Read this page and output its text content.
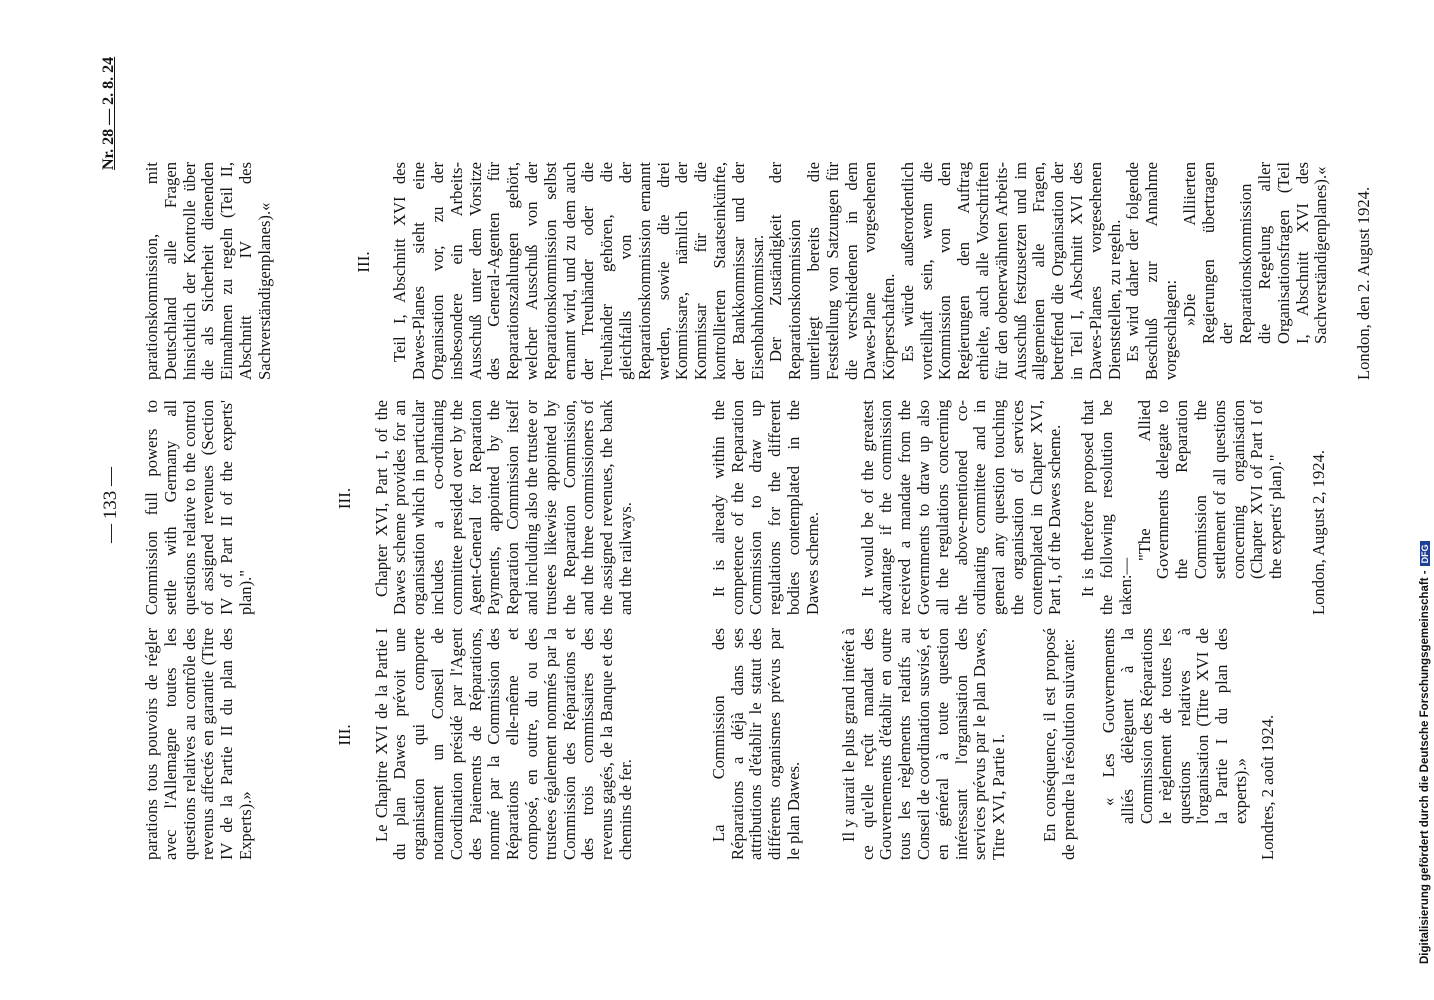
— 133 —
Nr. 28 — 2. 8. 24

parations tous pouvoirs de régler avec l'Allemagne toutes les questions relatives au contrôle des revenus affectés en garantie (Titre IV de la Partie II du plan des Experts).»

III. Le Chapitre XVI de la Partie I du plan Dawes prévoit une organisation qui comporte notamment un Conseil de Coordination présidé par l'Agent des Paiements de Réparations, nommé par la Commission des Réparations elle-même et composé, en outre, du ou des trustees également nommés par la Commission des Réparations et des trois commissaires des revenus gagés, de la Banque et des chemins de fer.	La Commission des Réparations a déjà dans ses attributions d'établir le statut des différents organismes prévus par le plan Dawes. Il y aurait le plus grand intérêt à ce qu'elle reçût mandat des Gouvernements d'établir en outre tous les règlements relatifs au Conseil de coordination susvisé, et en général à toute question intéressant l'organisation des services prévus par le plan Dawes, Titre XVI, Partie I. En conséquence, il est proposé de prendre la résolution suivante: « Les Gouvernements alliés délèguent à la Commission des Réparations le règlement de toutes les questions relatives à l'organisation (Titre XVI de la Partie I du plan des experts).» Londres, 2 août 1924.

Commission full powers to settle with Germany all questions relative to the control of assigned revenues (Section IV of Part II of the experts' plan)."

III. Chapter XVI, Part I, of the Dawes scheme provides for an organisation which in particular includes a co-ordinating committee presided over by the Agent-General for Reparation Payments, appointed by the Reparation Commission itself and including also the trustee or trustees likewise appointed by the Reparation Commission, and the three commissioners of the assigned revenues, the bank and the railways.	It is already within the competence of the Reparation Commission to draw up regulations for the different bodies contemplated in the Dawes scheme. It would be of the greatest advantage if the commission received a mandate from the Governments to draw up also all the regulations concerning the above-mentioned co-ordinating committee and in general any question touching the organisation of services contemplated in Chapter XVI, Part I, of the Dawes scheme. It is therefore proposed that the following resolution be taken:—

"The Allied Governments delegate to the Reparation Commission the settlement of all questions concerning organisation (Chapter XVI of Part I of the experts' plan)." London, August 2, 1924.

parationskommission, mit Deutschland alle Fragen hinsichtlich der Kontrolle über die als Sicherheit dienenden Einnahmen zu regeln (Teil II, Abschnitt IV des Sachverständigenplanes).«	III. Teil I, Abschnitt XVI des Dawes-Planes sieht eine Organisation vor, zu der insbesondere ein Arbeits-Ausschuß unter dem Vorsitze des General-Agenten für Reparationszahlungen gehört, welcher Ausschuß von der Reparationskommission selbst ernannt wird, und zu dem auch der Treuhänder oder die Treuhänder gehören, die gleichfalls von der Reparationskommission ernannt werden, sowie die drei Kommissare, nämlich der Kommissar für die kontrollierten Staatseinkünfte, der Bankkommissar und der Eisenbahnkommissar. Der Zuständigkeit der Reparationskommission unterliegt bereits die Feststellung von Satzungen für die verschiedenen in dem Dawes-Plane vorgesehenen Körperschaften. Es würde außerordentlich vorteilhaft sein, wenn die Kommission von den Regierungen den Auftrag erhielte, auch alle Vorschriften für den obenerwähnten Arbeits-Ausschuß festzusetzen und im allgemeinen alle Fragen, betreffend die Organisation der in Teil I, Abschnitt XVI des Dawes-Planes vorgesehenen Dienststellen, zu regeln. Es wird daher der folgende Beschluß zur Annahme vorgeschlagen:

»Die Alliierten Regierungen übertragen der Reparationskommission die Regelung aller Organisationsfragen (Teil I, Abschnitt XVI des Sachverständigenplanes).« London, den 2. August 1924.

Digitalisierung gefördert durch die Deutsche Forschungsgemeinschaft -DFG
